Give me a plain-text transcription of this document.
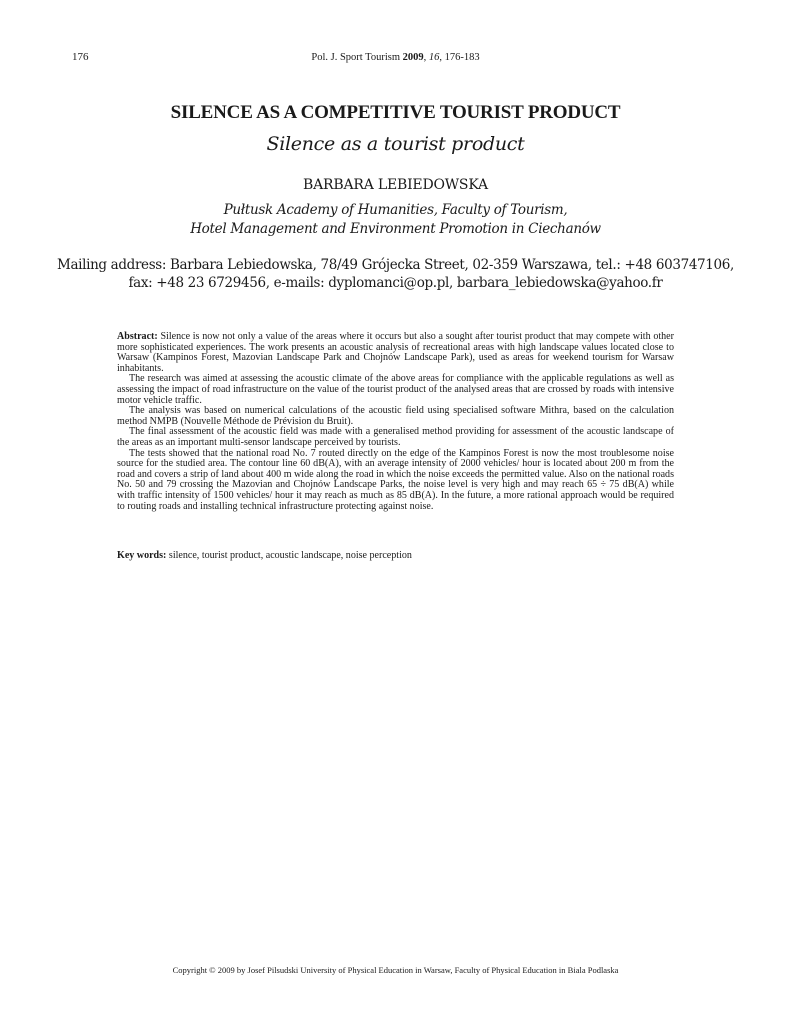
176	Pol. J. Sport Tourism 2009, 16, 176-183
SILENCE AS A COMPETITIVE TOURIST PRODUCT
Silence as a tourist product
BARBARA LEBIEDOWSKA
Pułtusk Academy of Humanities, Faculty of Tourism,
Hotel Management and Environment Promotion in Ciechanów
Mailing address: Barbara Lebiedowska, 78/49 Grójecka Street, 02-359 Warszawa, tel.: +48 603747106,
fax: +48 23 6729456, e-mails: dyplomanci@op.pl, barbara_lebiedowska@yahoo.fr

Abstract: Silence is now not only a value of the areas where it occurs but also a sought after tourist product that may compete with other more sophisticated experiences. The work presents an acoustic analysis of recreational areas with high landscape values located close to Warsaw (Kampinos Forest, Mazovian Landscape Park and Chojnów Landscape Park), used as areas for weekend tourism for Warsaw inhabitants.

The research was aimed at assessing the acoustic climate of the above areas for compliance with the applicable regulations as well as assessing the impact of road infrastructure on the value of the tourist product of the analysed areas that are crossed by roads with intensive motor vehicle traffic.

The analysis was based on numerical calculations of the acoustic field using specialised software Mithra, based on the calculation method NMPB (Nouvelle Méthode de Prévision du Bruit).

The final assessment of the acoustic field was made with a generalised method providing for assessment of the acoustic landscape of the areas as an important multi-sensor landscape perceived by tourists.

The tests showed that the national road No. 7 routed directly on the edge of the Kampinos Forest is now the most troublesome noise source for the studied area. The contour line 60 dB(A), with an average intensity of 2000 vehicles/ hour is located about 200 m from the road and covers a strip of land about 400 m wide along the road in which the noise exceeds the permitted value. Also on the national roads No. 50 and 79 crossing the Mazovian and Chojnów Landscape Parks, the noise level is very high and may reach 65 ÷ 75 dB(A) while with traffic intensity of 1500 vehicles/ hour it may reach as much as 85 dB(A). In the future, a more rational approach would be required to routing roads and installing technical infrastructure protecting against noise.

Key words: silence, tourist product, acoustic landscape, noise perception
Copyright © 2009 by Josef Pilsudski University of Physical Education in Warsaw, Faculty of Physical Education in Biala Podlaska
